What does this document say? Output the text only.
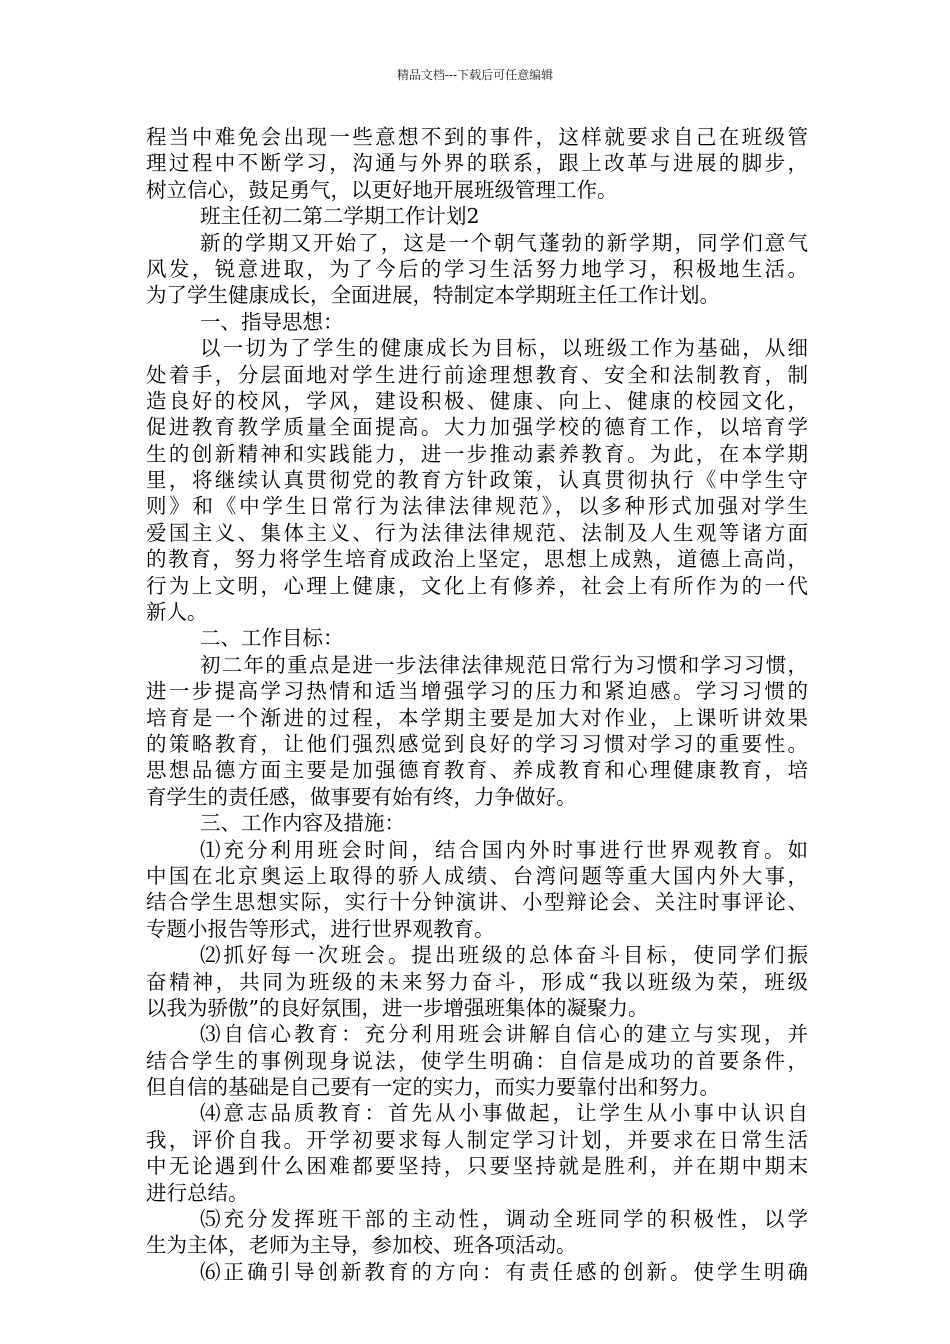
精品文档---下载后可任意编辑
程当中难免会出现一些意想不到的事件，这样就要求自己在班级管
理过程中不断学习，沟通与外界的联系，跟上改革与进展的脚步，
树立信心，鼓足勇气，以更好地开展班级管理工作。
班主任初二第二学期工作计划2
新的学期又开始了，这是一个朝气蓬勃的新学期，同学们意气
风发，锐意进取，为了今后的学习生活努力地学习，积极地生活。
为了学生健康成长，全面进展，特制定本学期班主任工作计划。
一、指导思想：
以一切为了学生的健康成长为目标，以班级工作为基础，从细
处着手，分层面地对学生进行前途理想教育、安全和法制教育，制
造良好的校风，学风，建设积极、健康、向上、健康的校园文化，
促进教育教学质量全面提高。大力加强学校的德育工作，以培育学
生的创新精神和实践能力，进一步推动素养教育。为此，在本学期
里，将继续认真贯彻党的教育方针政策，认真贯彻执行《中学生守
则》和《中学生日常行为法律法律规范》，以多种形式加强对学生
爱国主义、集体主义、行为法律法律规范、法制及人生观等诸方面
的教育，努力将学生培育成政治上坚定，思想上成熟，道德上高尚，
行为上文明，心理上健康，文化上有修养，社会上有所作为的一代
新人。
二、工作目标：
初二年的重点是进一步法律法律规范日常行为习惯和学习习惯，
进一步提高学习热情和适当增强学习的压力和紧迫感。学习习惯的
培育是一个渐进的过程，本学期主要是加大对作业，上课听讲效果
的策略教育，让他们强烈感觉到良好的学习习惯对学习的重要性。
思想品德方面主要是加强德育教育、养成教育和心理健康教育，培
育学生的责任感，做事要有始有终，力争做好。
三、工作内容及措施：
⑴充分利用班会时间，结合国内外时事进行世界观教育。如
中国在北京奥运上取得的骄人成绩、台湾问题等重大国内外大事，
结合学生思想实际，实行十分钟演讲、小型辩论会、关注时事评论、
专题小报告等形式，进行世界观教育。
⑵抓好每一次班会。提出班级的总体奋斗目标，使同学们振
奋精神，共同为班级的未来努力奋斗，形成“我以班级为荣，班级
以我为骄傲”的良好氛围，进一步增强班集体的凝聚力。
⑶自信心教育：充分利用班会讲解自信心的建立与实现，并
结合学生的事例现身说法，使学生明确：自信是成功的首要条件，
但自信的基础是自己要有一定的实力，而实力要靠付出和努力。
⑷意志品质教育：首先从小事做起，让学生从小事中认识自
我，评价自我。开学初要求每人制定学习计划，并要求在日常生活
中无论遇到什么困难都要坚持，只要坚持就是胜利，并在期中期末
进行总结。
⑸充分发挥班干部的主动性，调动全班同学的积极性，以学
生为主体，老师为主导，参加校、班各项活动。
⑹正确引导创新教育的方向：有责任感的创新。使学生明确
